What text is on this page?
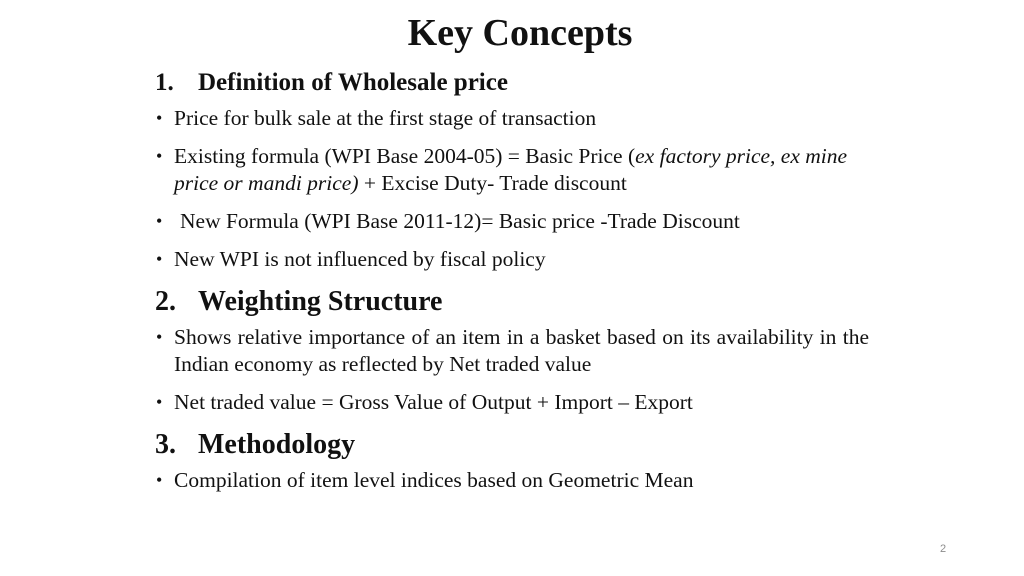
Key Concepts
1. Definition of Wholesale price
• Price for bulk sale at the first stage of transaction
• Existing formula (WPI Base 2004-05) = Basic Price (ex factory price, ex mine price or mandi price) + Excise Duty- Trade discount
• New Formula (WPI Base 2011-12)= Basic price -Trade Discount
• New WPI is not influenced by fiscal policy
2. Weighting Structure
• Shows relative importance of an item in a basket based on its availability in the Indian economy as reflected by Net traded value
• Net traded value = Gross Value of Output + Import – Export
3. Methodology
• Compilation of item level indices based on Geometric Mean
2
